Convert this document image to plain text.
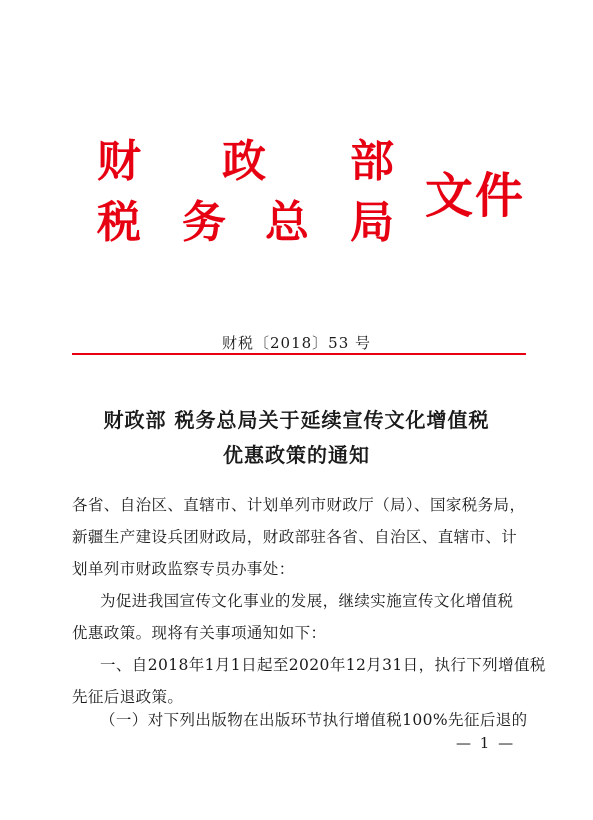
财 政 部
税 务 总 局 文件
财税〔2018〕53 号
财政部 税务总局关于延续宣传文化增值税
优惠政策的通知
各省、自治区、直辖市、计划单列市财政厅（局）、国家税务局，
新疆生产建设兵团财政局，财政部驻各省、自治区、直辖市、计
划单列市财政监察专员办事处：
为促进我国宣传文化事业的发展，继续实施宣传文化增值税
优惠政策。现将有关事项通知如下：
一、自2018年1月1日起至2020年12月31日，执行下列增值税
先征后退政策。
（一）对下列出版物在出版环节执行增值税100%先征后退的
— 1 —
